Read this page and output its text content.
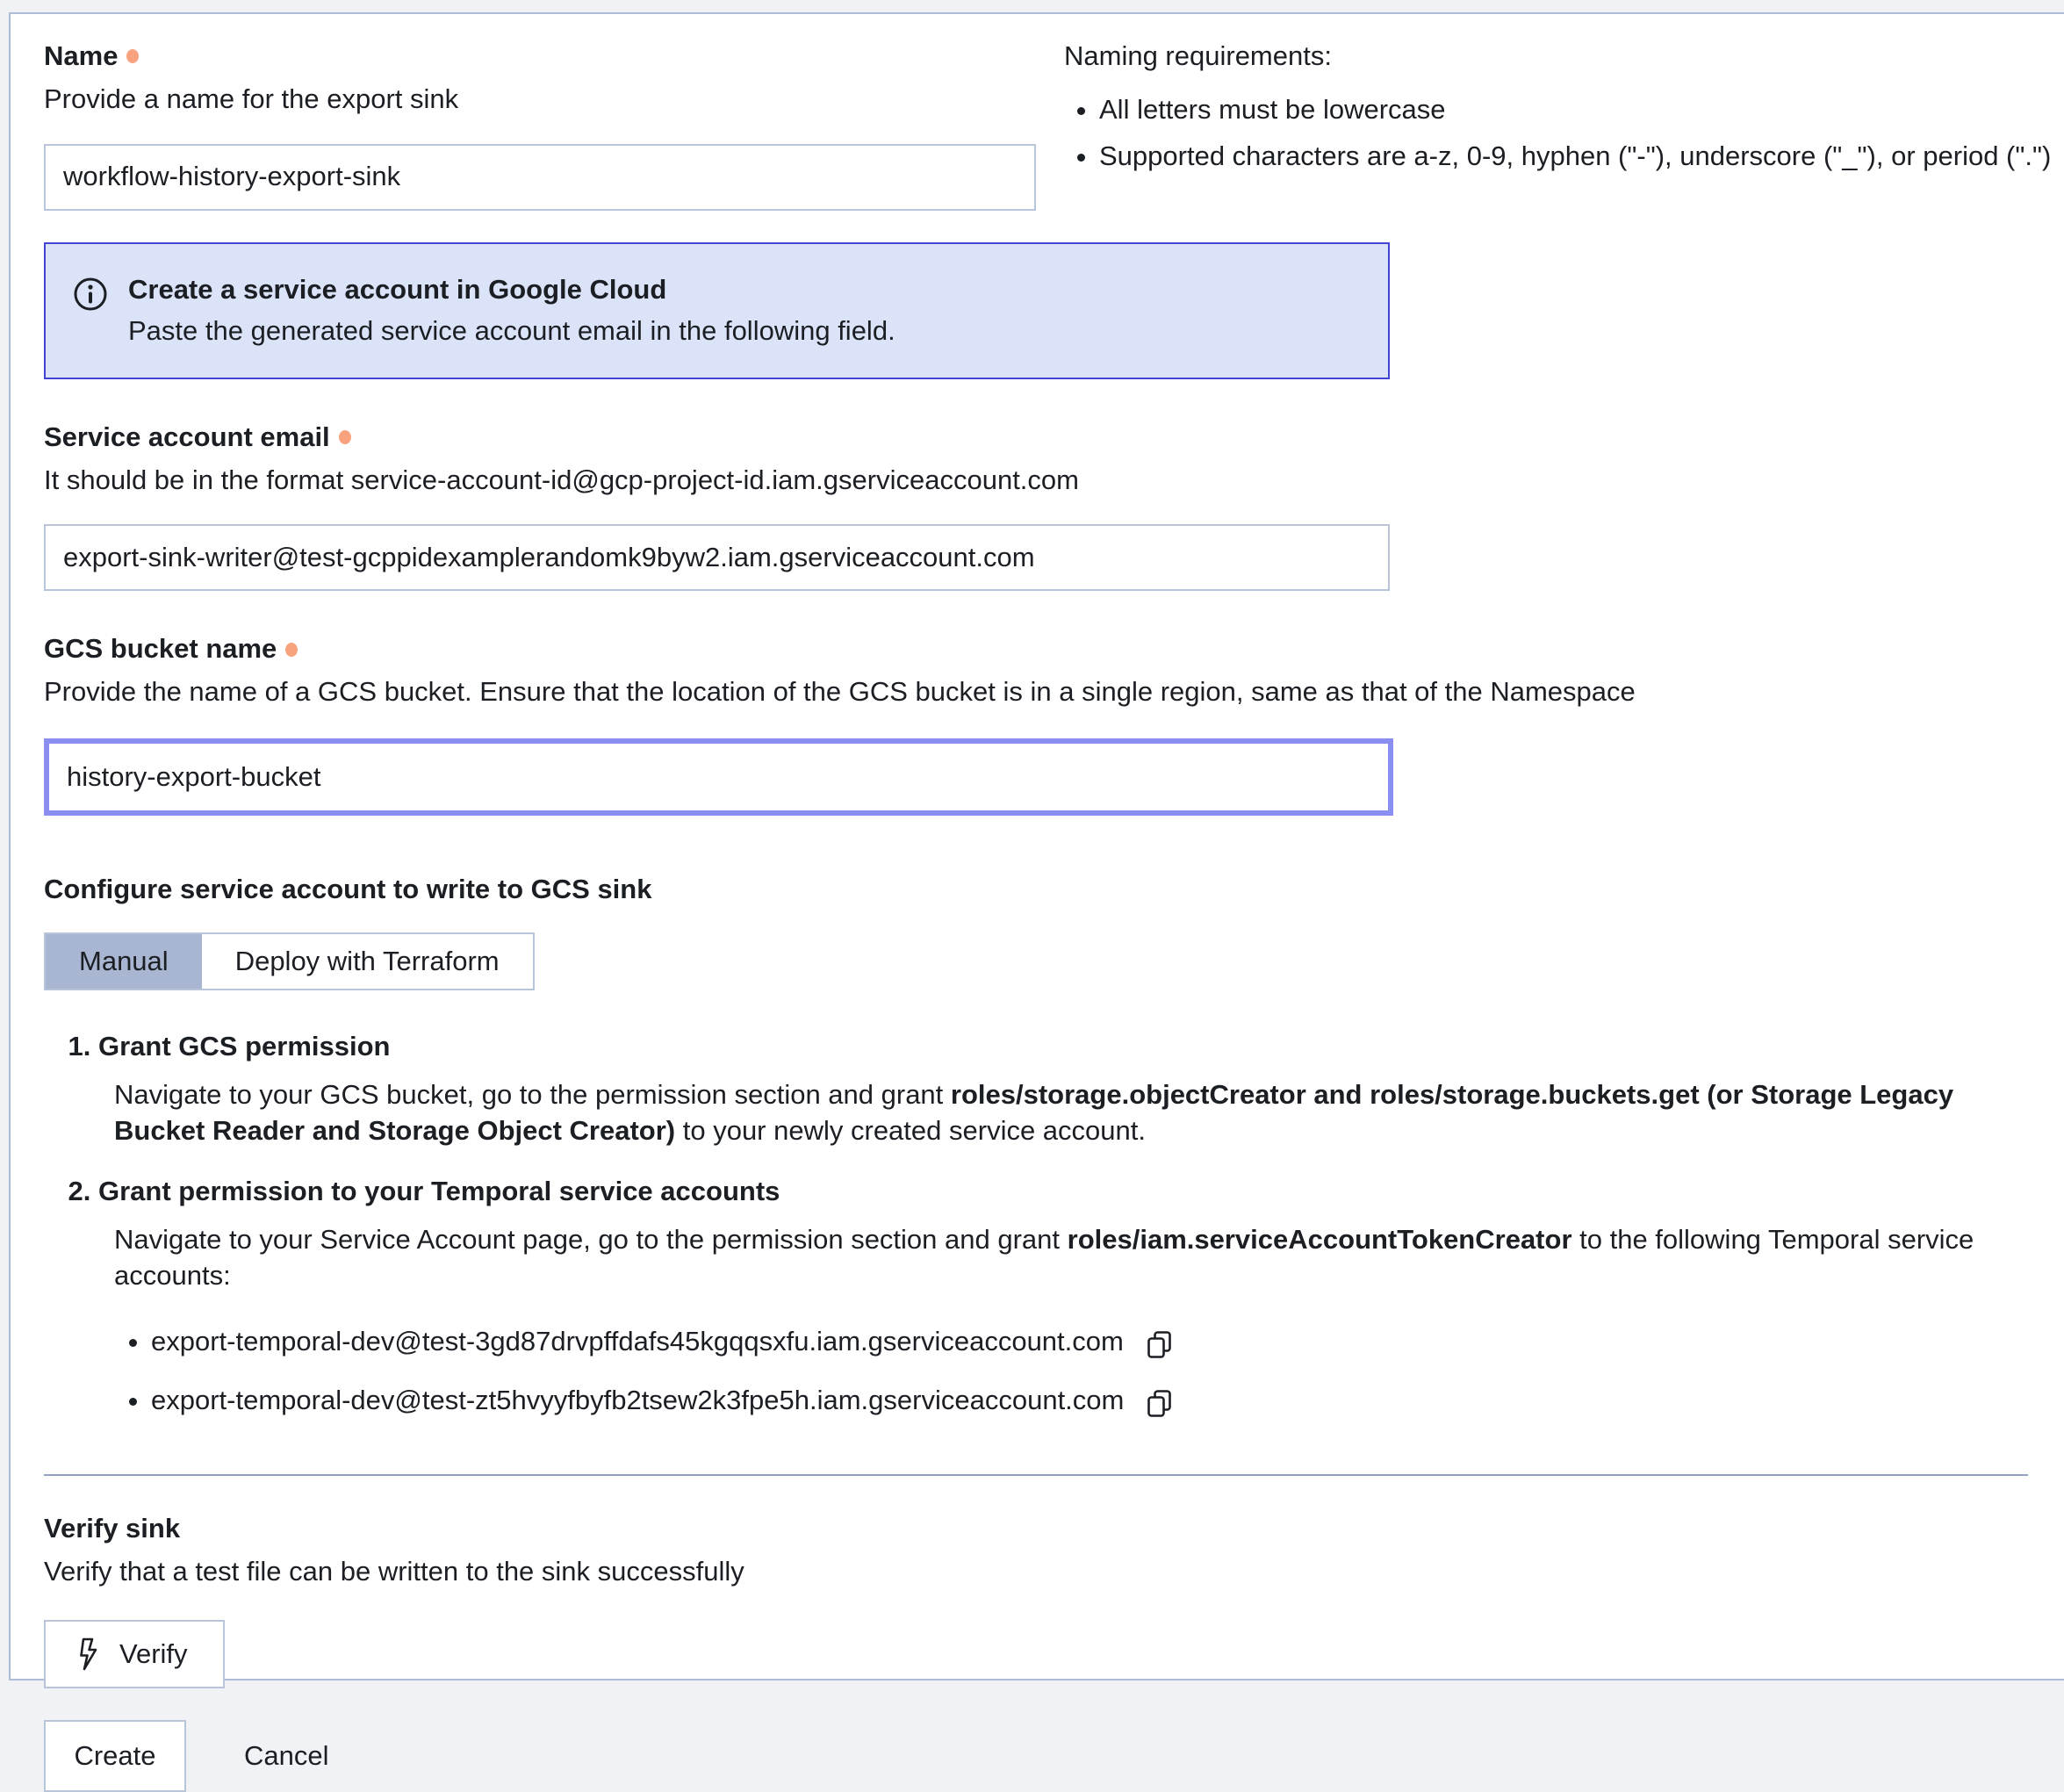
Name
Provide a name for the export sink
workflow-history-export-sink
Naming requirements:
• All letters must be lowercase
• Supported characters are a-z, 0-9, hyphen ("-"), underscore ("_"), or period (".")
Create a service account in Google Cloud
Paste the generated service account email in the following field.
Service account email
It should be in the format service-account-id@gcp-project-id.iam.gserviceaccount.com
export-sink-writer@test-gcppidexamplerandomk9byw2.iam.gserviceaccount.com
GCS bucket name
Provide the name of a GCS bucket. Ensure that the location of the GCS bucket is in a single region, same as that of the Namespace
history-export-bucket
Configure service account to write to GCS sink
Manual	Deploy with Terraform
1. Grant GCS permission

Navigate to your GCS bucket, go to the permission section and grant roles/storage.objectCreator and roles/storage.buckets.get (or Storage Legacy Bucket Reader and Storage Object Creator) to your newly created service account.

2. Grant permission to your Temporal service accounts

Navigate to your Service Account page, go to the permission section and grant roles/iam.serviceAccountTokenCreator to the following Temporal service accounts:

• export-temporal-dev@test-3gd87drvpffdafs45kgqqsxfu.iam.gserviceaccount.com
• export-temporal-dev@test-zt5hvyyfbyfb2tsew2k3fpe5h.iam.gserviceaccount.com
Verify sink
Verify that a test file can be written to the sink successfully
Verify
Create	Cancel
